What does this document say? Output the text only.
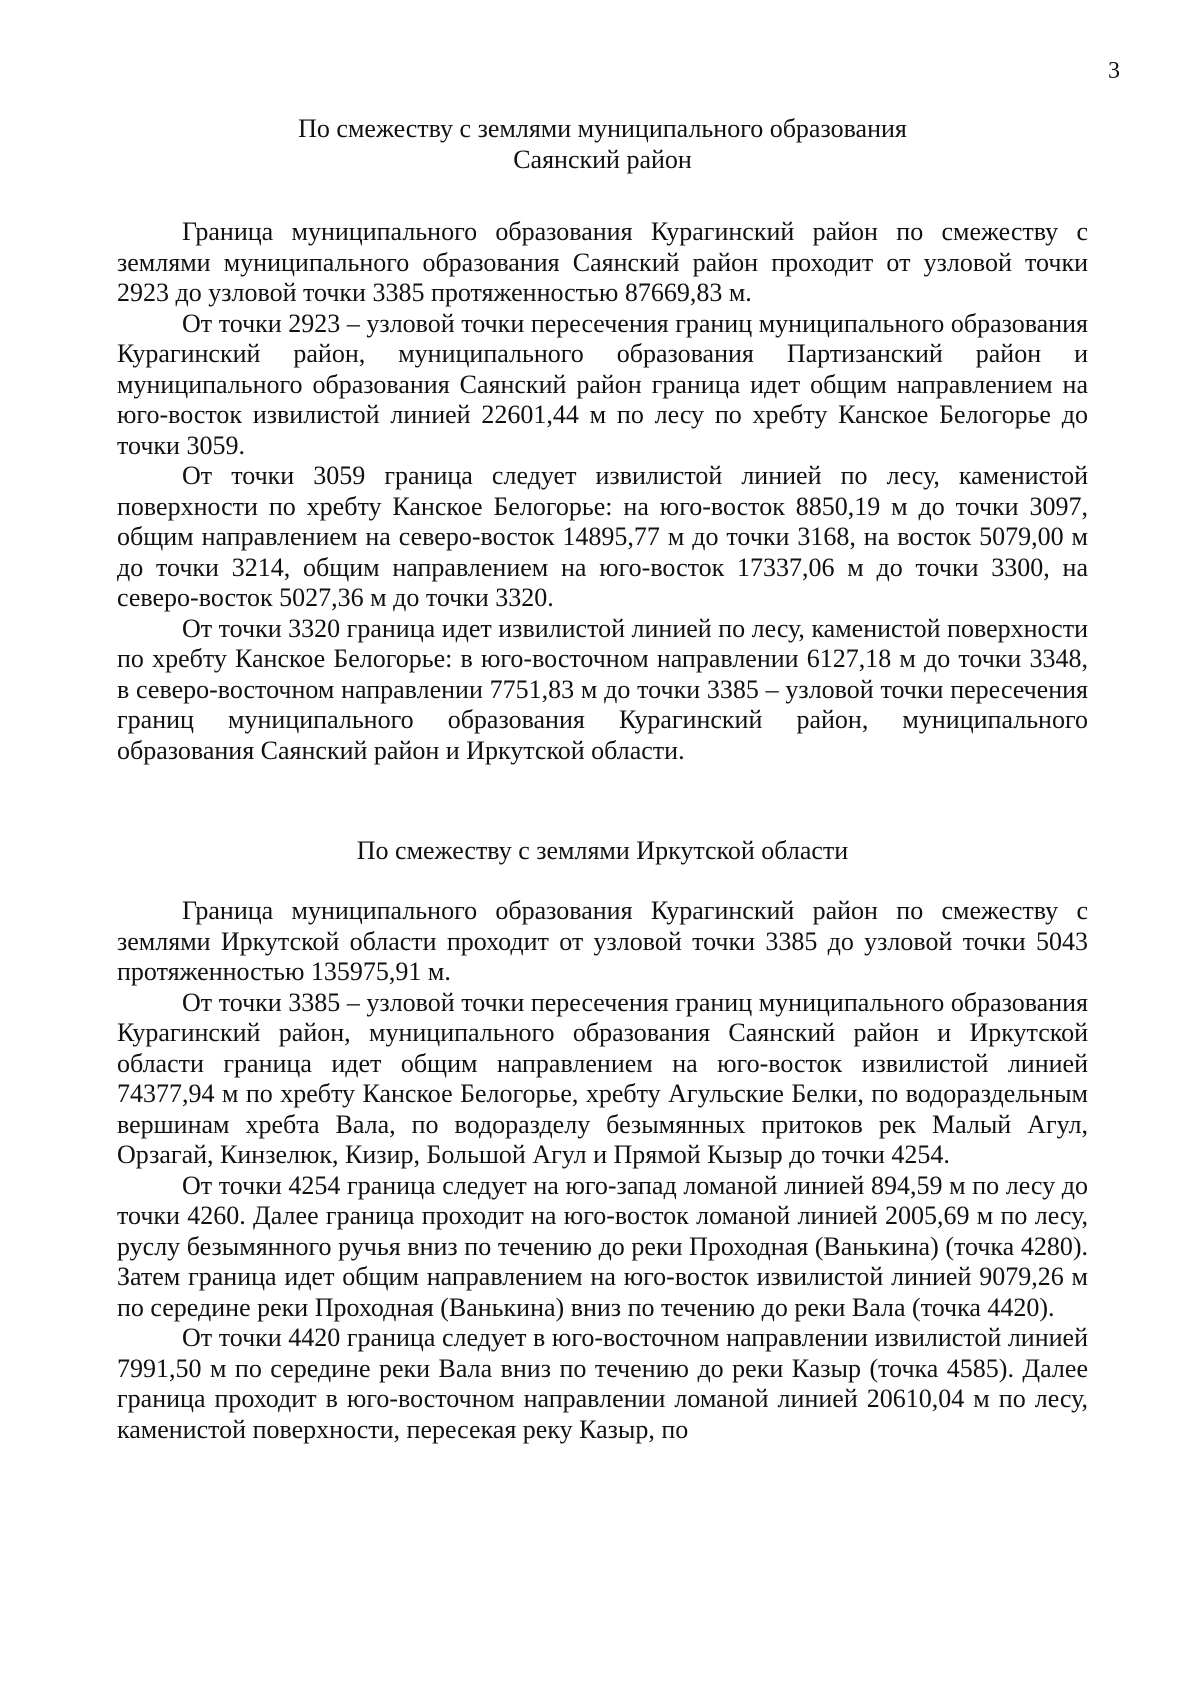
3
По смежеству с землями муниципального образования
Саянский район

Граница муниципального образования Курагинский район по смежеству с землями муниципального образования Саянский район проходит от узловой точки 2923 до узловой точки 3385 протяженностью 87669,83 м.

От точки 2923 – узловой точки пересечения границ муниципального образования Курагинский район, муниципального образования Партизанский район и муниципального образования Саянский район граница идет общим направлением на юго-восток извилистой линией 22601,44 м по лесу по хребту Канское Белогорье до точки 3059.

От точки 3059 граница следует извилистой линией по лесу, каменистой поверхности по хребту Канское Белогорье: на юго-восток 8850,19 м до точки 3097, общим направлением на северо-восток 14895,77 м до точки 3168, на восток 5079,00 м до точки 3214, общим направлением на юго-восток 17337,06 м до точки 3300, на северо-восток 5027,36 м до точки 3320.

От точки 3320 граница идет извилистой линией по лесу, каменистой поверхности по хребту Канское Белогорье: в юго-восточном направлении 6127,18 м до точки 3348, в северо-восточном направлении 7751,83 м до точки 3385 – узловой точки пересечения границ муниципального образования Курагинский район, муниципального образования Саянский район и Иркутской области.

По смежеству с землями Иркутской области

Граница муниципального образования Курагинский район по смежеству с землями Иркутской области проходит от узловой точки 3385 до узловой точки 5043 протяженностью 135975,91 м.

От точки 3385 – узловой точки пересечения границ муниципального образования Курагинский район, муниципального образования Саянский район и Иркутской области граница идет общим направлением на юго-восток извилистой линией 74377,94 м по хребту Канское Белогорье, хребту Агульские Белки, по водораздельным вершинам хребта Вала, по водоразделу безымянных притоков рек Малый Агул, Орзагай, Кинзелюк, Кизир, Большой Агул и Прямой Кызыр до точки 4254.

От точки 4254 граница следует на юго-запад ломаной линией 894,59 м по лесу до точки 4260. Далее граница проходит на юго-восток ломаной линией 2005,69 м по лесу, руслу безымянного ручья вниз по течению до реки Проходная (Ванькина) (точка 4280). Затем граница идет общим направлением на юго-восток извилистой линией 9079,26 м по середине реки Проходная (Ванькина) вниз по течению до реки Вала (точка 4420).

От точки 4420 граница следует в юго-восточном направлении извилистой линией 7991,50 м по середине реки Вала вниз по течению до реки Казыр (точка 4585). Далее граница проходит в юго-восточном направлении ломаной линией 20610,04 м по лесу, каменистой поверхности, пересекая реку Казыр, по
